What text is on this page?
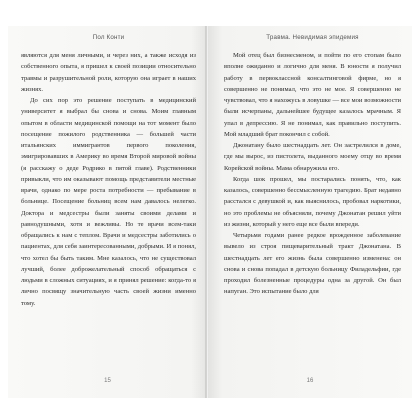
Пол Конти

являются для меня личными, и через них, а также исходя из собственного опыта, я пришел к своей позиции относительно травмы и разрушительной роли, которую она играет в наших жизнях.

До сих пор это решение поступать в медицинский университет я выбрал бы снова и снова. Моим главным опытом в области медицинской помощи на тот момент было посещение пожилого родственника — большей части итальянских иммигрантов первого поколения, эмигрировавших в Америку во время Второй мировой войны (я расскажу о деде Родрико в пятой главе). Родственники привыкли, что им оказывают помощь представители местные врачи, однако по мере роста потребности — пребывание в больнице. Посещение больниц всем нам давалось нелегко. Доктора и медсестры были заняты своими делами и равнодушными, хотя и вежливы. Но те врачи всем-таки обращались к нам с теплом. Врачи и медсестры заботились о пациентах, для себя заинтересованными, добрыми. И я понял, что хотел бы быть таким. Мне казалось, что не существовал лучший, более доброжелательный способ обращаться с людьми в сложных ситуациях, и я принял решение: когда-то я лично посвящу значительную часть своей жизни именно тому.

15
Травма. Невидимая эпидемия

Мой отец был бизнесменом, и пойти по его стопам было вполне ожиданно и логично для меня. В юности я получил работу в первоклассной консалтинговой фирме, но я совершенно не понимал, что это не мое. Я совершенно не чувствовал, что я нахожусь в ловушке — все мои возможности были исчерпаны, дальнейшее будущее казалось мрачным. Я упал в депрессию. Я не понимал, как правильно поступить. Мой младший брат покончил с собой.

Джонатану было шестнадцать лет. Он застрелился в доме, где мы вырос, из пистолета, выданного моему отцу во время Корейской войны. Мама обнаружила его.

Когда шок прошел, мы постарались понять, что, как казалось, совершенно бессмысленную трагедию. Брат недавно расстался с девушкой и, как выяснилось, пробовал наркотики, но это проблемы не объясняли, почему Джонатан решил уйти из жизни, который у него еще все были впереди.

Четырьмя годами ранее редкое врожденное заболевание вывело из строя пищеварительный тракт Джонатана. В шестнадцать лет его жизнь была совершенно изменена: он снова и снова попадал в детскую больницу Филадельфии, где проходил болезненные процедуры одна за другой. Он был напуган. Это испытание было для

16
